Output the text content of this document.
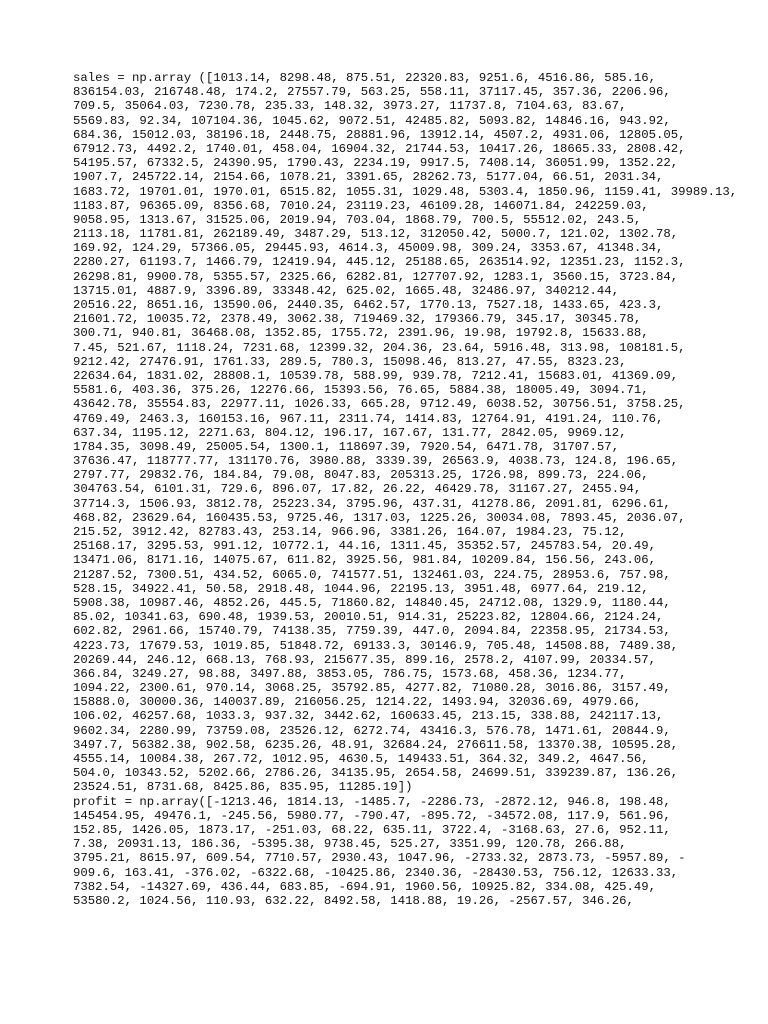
sales = np.array ([1013.14, 8298.48, 875.51, 22320.83, 9251.6, 4516.86, 585.16,
836154.03, 216748.48, 174.2, 27557.79, 563.25, 558.11, 37117.45, 357.36, 2206.96,
709.5, 35064.03, 7230.78, 235.33, 148.32, 3973.27, 11737.8, 7104.63, 83.67,
5569.83, 92.34, 107104.36, 1045.62, 9072.51, 42485.82, 5093.82, 14846.16, 943.92,
684.36, 15012.03, 38196.18, 2448.75, 28881.96, 13912.14, 4507.2, 4931.06, 12805.05,
67912.73, 4492.2, 1740.01, 458.04, 16904.32, 21744.53, 10417.26, 18665.33, 2808.42,
54195.57, 67332.5, 24390.95, 1790.43, 2234.19, 9917.5, 7408.14, 36051.99, 1352.22,
1907.7, 245722.14, 2154.66, 1078.21, 3391.65, 28262.73, 5177.04, 66.51, 2031.34,
1683.72, 19701.01, 1970.01, 6515.82, 1055.31, 1029.48, 5303.4, 1850.96, 1159.41, 39989.13,
1183.87, 96365.09, 8356.68, 7010.24, 23119.23, 46109.28, 146071.84, 242259.03,
9058.95, 1313.67, 31525.06, 2019.94, 703.04, 1868.79, 700.5, 55512.02, 243.5,
2113.18, 11781.81, 262189.49, 3487.29, 513.12, 312050.42, 5000.7, 121.02, 1302.78,
169.92, 124.29, 57366.05, 29445.93, 4614.3, 45009.98, 309.24, 3353.67, 41348.34,
2280.27, 61193.7, 1466.79, 12419.94, 445.12, 25188.65, 263514.92, 12351.23, 1152.3,
26298.81, 9900.78, 5355.57, 2325.66, 6282.81, 127707.92, 1283.1, 3560.15, 3723.84,
13715.01, 4887.9, 3396.89, 33348.42, 625.02, 1665.48, 32486.97, 340212.44,
20516.22, 8651.16, 13590.06, 2440.35, 6462.57, 1770.13, 7527.18, 1433.65, 423.3,
21601.72, 10035.72, 2378.49, 3062.38, 719469.32, 179366.79, 345.17, 30345.78,
300.71, 940.81, 36468.08, 1352.85, 1755.72, 2391.96, 19.98, 19792.8, 15633.88,
7.45, 521.67, 1118.24, 7231.68, 12399.32, 204.36, 23.64, 5916.48, 313.98, 108181.5,
9212.42, 27476.91, 1761.33, 289.5, 780.3, 15098.46, 813.27, 47.55, 8323.23,
22634.64, 1831.02, 28808.1, 10539.78, 588.99, 939.78, 7212.41, 15683.01, 41369.09,
5581.6, 403.36, 375.26, 12276.66, 15393.56, 76.65, 5884.38, 18005.49, 3094.71,
43642.78, 35554.83, 22977.11, 1026.33, 665.28, 9712.49, 6038.52, 30756.51, 3758.25,
4769.49, 2463.3, 160153.16, 967.11, 2311.74, 1414.83, 12764.91, 4191.24, 110.76,
637.34, 1195.12, 2271.63, 804.12, 196.17, 167.67, 131.77, 2842.05, 9969.12,
1784.35, 3098.49, 25005.54, 1300.1, 118697.39, 7920.54, 6471.78, 31707.57,
37636.47, 118777.77, 131170.76, 3980.88, 3339.39, 26563.9, 4038.73, 124.8, 196.65,
2797.77, 29832.76, 184.84, 79.08, 8047.83, 205313.25, 1726.98, 899.73, 224.06,
304763.54, 6101.31, 729.6, 896.07, 17.82, 26.22, 46429.78, 31167.27, 2455.94,
37714.3, 1506.93, 3812.78, 25223.34, 3795.96, 437.31, 41278.86, 2091.81, 6296.61,
468.82, 23629.64, 160435.53, 9725.46, 1317.03, 1225.26, 30034.08, 7893.45, 2036.07,
215.52, 3912.42, 82783.43, 253.14, 966.96, 3381.26, 164.07, 1984.23, 75.12,
25168.17, 3295.53, 991.12, 10772.1, 44.16, 1311.45, 35352.57, 245783.54, 20.49,
13471.06, 8171.16, 14075.67, 611.82, 3925.56, 981.84, 10209.84, 156.56, 243.06,
21287.52, 7300.51, 434.52, 6065.0, 741577.51, 132461.03, 224.75, 28953.6, 757.98,
528.15, 34922.41, 50.58, 2918.48, 1044.96, 22195.13, 3951.48, 6977.64, 219.12,
5908.38, 10987.46, 4852.26, 445.5, 71860.82, 14840.45, 24712.08, 1329.9, 1180.44,
85.02, 10341.63, 690.48, 1939.53, 20010.51, 914.31, 25223.82, 12804.66, 2124.24,
602.82, 2961.66, 15740.79, 74138.35, 7759.39, 447.0, 2094.84, 22358.95, 21734.53,
4223.73, 17679.53, 1019.85, 51848.72, 69133.3, 30146.9, 705.48, 14508.88, 7489.38,
20269.44, 246.12, 668.13, 768.93, 215677.35, 899.16, 2578.2, 4107.99, 20334.57,
366.84, 3249.27, 98.88, 3497.88, 3853.05, 786.75, 1573.68, 458.36, 1234.77,
1094.22, 2300.61, 970.14, 3068.25, 35792.85, 4277.82, 71080.28, 3016.86, 3157.49,
15888.0, 30000.36, 140037.89, 216056.25, 1214.22, 1493.94, 32036.69, 4979.66,
106.02, 46257.68, 1033.3, 937.32, 3442.62, 160633.45, 213.15, 338.88, 242117.13,
9602.34, 2280.99, 73759.08, 23526.12, 6272.74, 43416.3, 576.78, 1471.61, 20844.9,
3497.7, 56382.38, 902.58, 6235.26, 48.91, 32684.24, 276611.58, 13370.38, 10595.28,
4555.14, 10084.38, 267.72, 1012.95, 4630.5, 149433.51, 364.32, 349.2, 4647.56,
504.0, 10343.52, 5202.66, 2786.26, 34135.95, 2654.58, 24699.51, 339239.87, 136.26,
23524.51, 8731.68, 8425.86, 835.95, 11285.19])
profit = np.array([-1213.46, 1814.13, -1485.7, -2286.73, -2872.12, 946.8, 198.48,
145454.95, 49476.1, -245.56, 5980.77, -790.47, -895.72, -34572.08, 117.9, 561.96,
152.85, 1426.05, 1873.17, -251.03, 68.22, 635.11, 3722.4, -3168.63, 27.6, 952.11,
7.38, 20931.13, 186.36, -5395.38, 9738.45, 525.27, 3351.99, 120.78, 266.88,
3795.21, 8615.97, 609.54, 7710.57, 2930.43, 1047.96, -2733.32, 2873.73, -5957.89, -
909.6, 163.41, -376.02, -6322.68, -10425.86, 2340.36, -28430.53, 756.12, 12633.33,
7382.54, -14327.69, 436.44, 683.85, -694.91, 1960.56, 10925.82, 334.08, 425.49,
53580.2, 1024.56, 110.93, 632.22, 8492.58, 1418.88, 19.26, -2567.57, 346.26,
